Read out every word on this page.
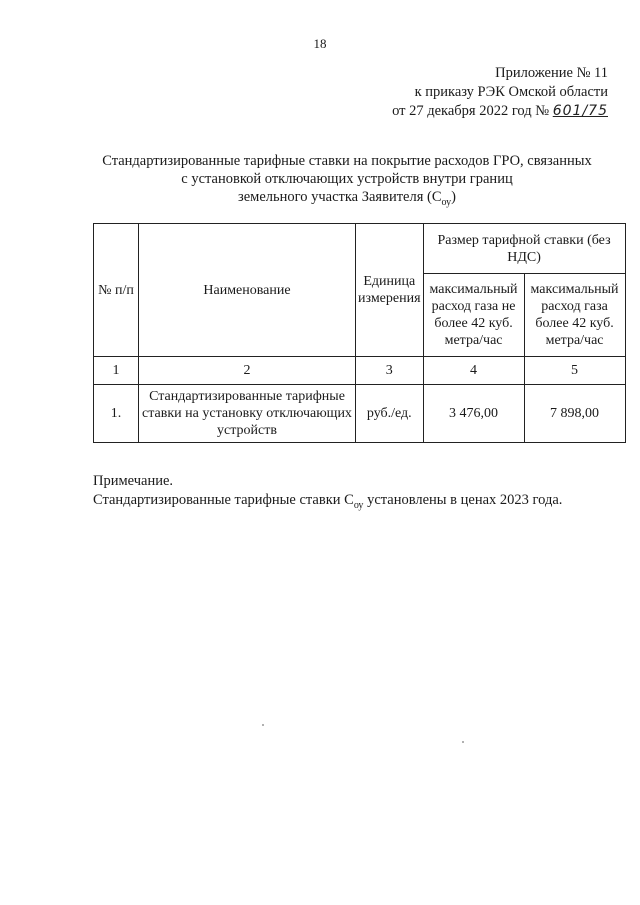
18
Приложение № 11
к приказу РЭК Омской области
от 27 декабря 2022 год № 601/75
Стандартизированные тарифные ставки на покрытие расходов ГРО, связанных
с установкой отключающих устройств внутри границ
земельного участка Заявителя $(С_{оу})$
№ п/п	Наименование	Единица измерения	Размер тарифной ставки (без НДС)	
			максимальный расход газа не более 42 куб. метра/час	максимальный расход газа более 42 куб. метра/час
1	2	3	4	5
1.	Стандартизированные тарифные ставки на установку отключающих устройств	руб./ед.	3 476,00	7 898,00
Примечание.
Стандартизированные тарифные ставки $С_{оу}$ установлены в ценах 2023 года.
